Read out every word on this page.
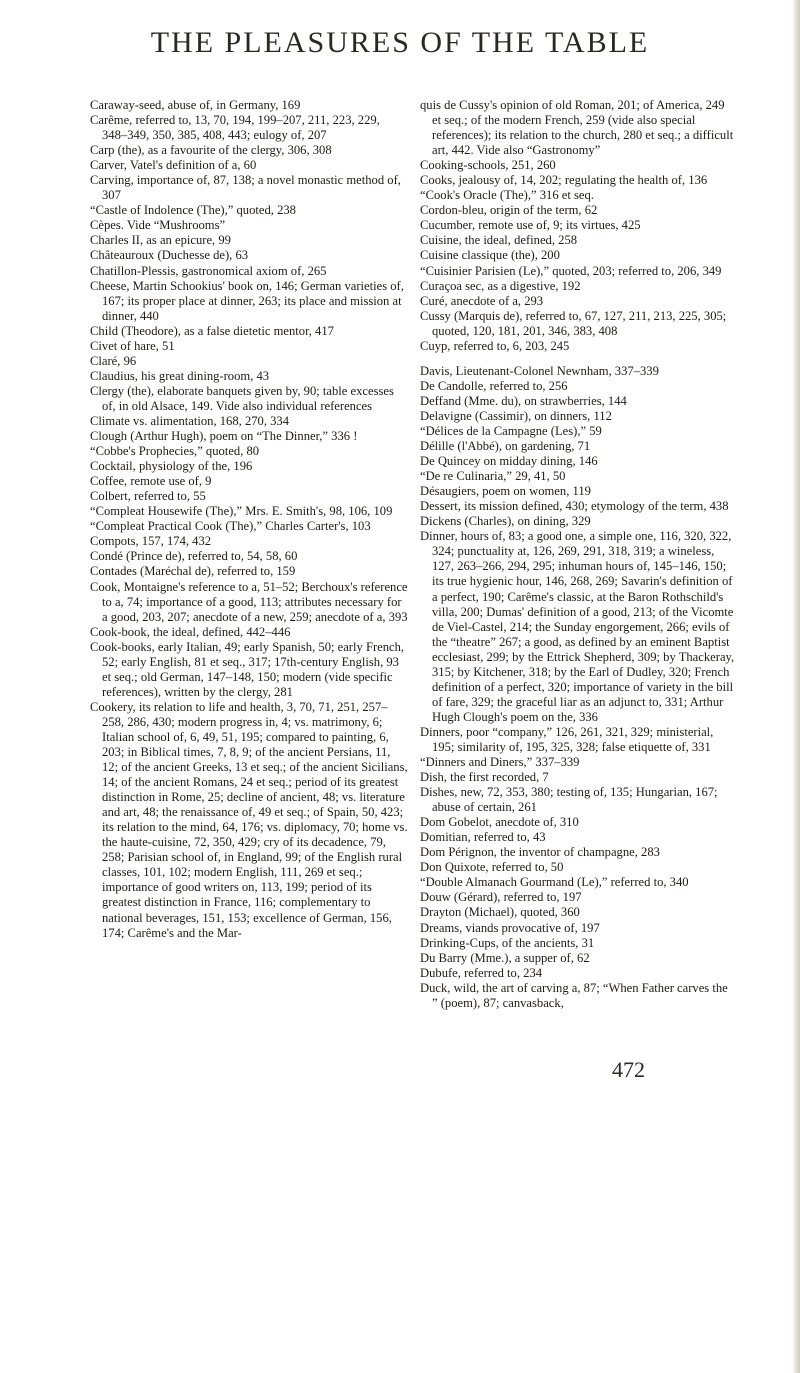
THE PLEASURES OF THE TABLE

Caraway-seed, abuse of, in Germany, 169

Carême, referred to, 13, 70, 194, 199–207, 211, 223, 229, 348–349, 350, 385, 408, 443; eulogy of, 207

Carp (the), as a favourite of the clergy, 306, 308

Carver, Vatel's definition of a, 60

Carving, importance of, 87, 138; a novel monastic method of, 307

“Castle of Indolence (The),” quoted, 238

Cèpes. Vide “Mushrooms”

Charles II, as an epicure, 99

Châteauroux (Duchesse de), 63

Chatillon-Plessis, gastronomical axiom of, 265

Cheese, Martin Schookius' book on, 146; German varieties of, 167; its proper place at dinner, 263; its place and mission at dinner, 440

Child (Theodore), as a false dietetic mentor, 417

Civet of hare, 51

Claré, 96

Claudius, his great dining-room, 43

Clergy (the), elaborate banquets given by, 90; table excesses of, in old Alsace, 149. Vide also individual references

Climate vs. alimentation, 168, 270, 334

Clough (Arthur Hugh), poem on “The Dinner,” 336 !

“Cobbe's Prophecies,” quoted, 80

Cocktail, physiology of the, 196

Coffee, remote use of, 9

Colbert, referred to, 55

“Compleat Housewife (The),” Mrs. E. Smith's, 98, 106, 109

“Compleat Practical Cook (The),” Charles Carter's, 103

Compots, 157, 174, 432

Condé (Prince de), referred to, 54, 58, 60

Contades (Maréchal de), referred to, 159

Cook, Montaigne's reference to a, 51–52; Berchoux's reference to a, 74; importance of a good, 113; attributes necessary for a good, 203, 207; anecdote of a new, 259; anecdote of a, 393

Cook-book, the ideal, defined, 442–446

Cook-books, early Italian, 49; early Spanish, 50; early French, 52; early English, 81 et seq., 317; 17th-century English, 93 et seq.; old German, 147–148, 150; modern (vide specific references), written by the clergy, 281

Cookery, its relation to life and health, 3, 70, 71, 251, 257–258, 286, 430; modern progress in, 4; vs. matrimony, 6; Italian school of, 6, 49, 51, 195; compared to painting, 6, 203; in Biblical times, 7, 8, 9; of the ancient Persians, 11, 12; of the ancient Greeks, 13 et seq.; of the ancient Sicilians, 14; of the ancient Romans, 24 et seq.; period of its greatest distinction in Rome, 25; decline of ancient, 48; vs. literature and art, 48; the renaissance of, 49 et seq.; of Spain, 50, 423; its relation to the mind, 64, 176; vs. diplomacy, 70; home vs. the haute-cuisine, 72, 350, 429; cry of its decadence, 79, 258; Parisian school of, in England, 99; of the English rural classes, 101, 102; modern English, 111, 269 et seq.; importance of good writers on, 113, 199; period of its greatest distinction in France, 116; complementary to national beverages, 151, 153; excellence of German, 156, 174; Carême's and the Mar-

quis de Cussy's opinion of old Roman, 201; of America, 249 et seq.; of the modern French, 259 (vide also special references); its relation to the church, 280 et seq.; a difficult art, 442. Vide also “Gastronomy”

Cooking-schools, 251, 260

Cooks, jealousy of, 14, 202; regulating the health of, 136

“Cook's Oracle (The),” 316 et seq.

Cordon-bleu, origin of the term, 62

Cucumber, remote use of, 9; its virtues, 425

Cuisine, the ideal, defined, 258

Cuisine classique (the), 200

“Cuisinier Parisien (Le),” quoted, 203; referred to, 206, 349

Curaçoa sec, as a digestive, 192

Curé, anecdote of a, 293

Cussy (Marquis de), referred to, 67, 127, 211, 213, 225, 305; quoted, 120, 181, 201, 346, 383, 408

Cuyp, referred to, 6, 203, 245

Davis, Lieutenant-Colonel Newnham, 337–339

De Candolle, referred to, 256

Deffand (Mme. du), on strawberries, 144

Delavigne (Cassimir), on dinners, 112

“Délices de la Campagne (Les),” 59

Délille (l'Abbé), on gardening, 71

De Quincey on midday dining, 146

“De re Culinaria,” 29, 41, 50

Désaugiers, poem on women, 119

Dessert, its mission defined, 430; etymology of the term, 438

Dickens (Charles), on dining, 329

Dinner, hours of, 83; a good one, a simple one, 116, 320, 322, 324; punctuality at, 126, 269, 291, 318, 319; a wineless, 127, 263–266, 294, 295; inhuman hours of, 145–146, 150; its true hygienic hour, 146, 268, 269; Savarin's definition of a perfect, 190; Carême's classic, at the Baron Rothschild's villa, 200; Dumas' definition of a good, 213; of the Vicomte de Viel-Castel, 214; the Sunday engorgement, 266; evils of the “theatre” 267; a good, as defined by an eminent Baptist ecclesiast, 299; by the Ettrick Shepherd, 309; by Thackeray, 315; by Kitchener, 318; by the Earl of Dudley, 320; French definition of a perfect, 320; importance of variety in the bill of fare, 329; the graceful liar as an adjunct to, 331; Arthur Hugh Clough's poem on the, 336

Dinners, poor “company,” 126, 261, 321, 329; ministerial, 195; similarity of, 195, 325, 328; false etiquette of, 331

“Dinners and Diners,” 337–339

Dish, the first recorded, 7

Dishes, new, 72, 353, 380; testing of, 135; Hungarian, 167; abuse of certain, 261

Dom Gobelot, anecdote of, 310

Domitian, referred to, 43

Dom Pérignon, the inventor of champagne, 283

Don Quixote, referred to, 50

“Double Almanach Gourmand (Le),” referred to, 340

Douw (Gérard), referred to, 197

Drayton (Michael), quoted, 360

Dreams, viands provocative of, 197

Drinking-Cups, of the ancients, 31

Du Barry (Mme.), a supper of, 62

Dubufe, referred to, 234

Duck, wild, the art of carving a, 87; “When Father carves the ” (poem), 87; canvasback,

472
